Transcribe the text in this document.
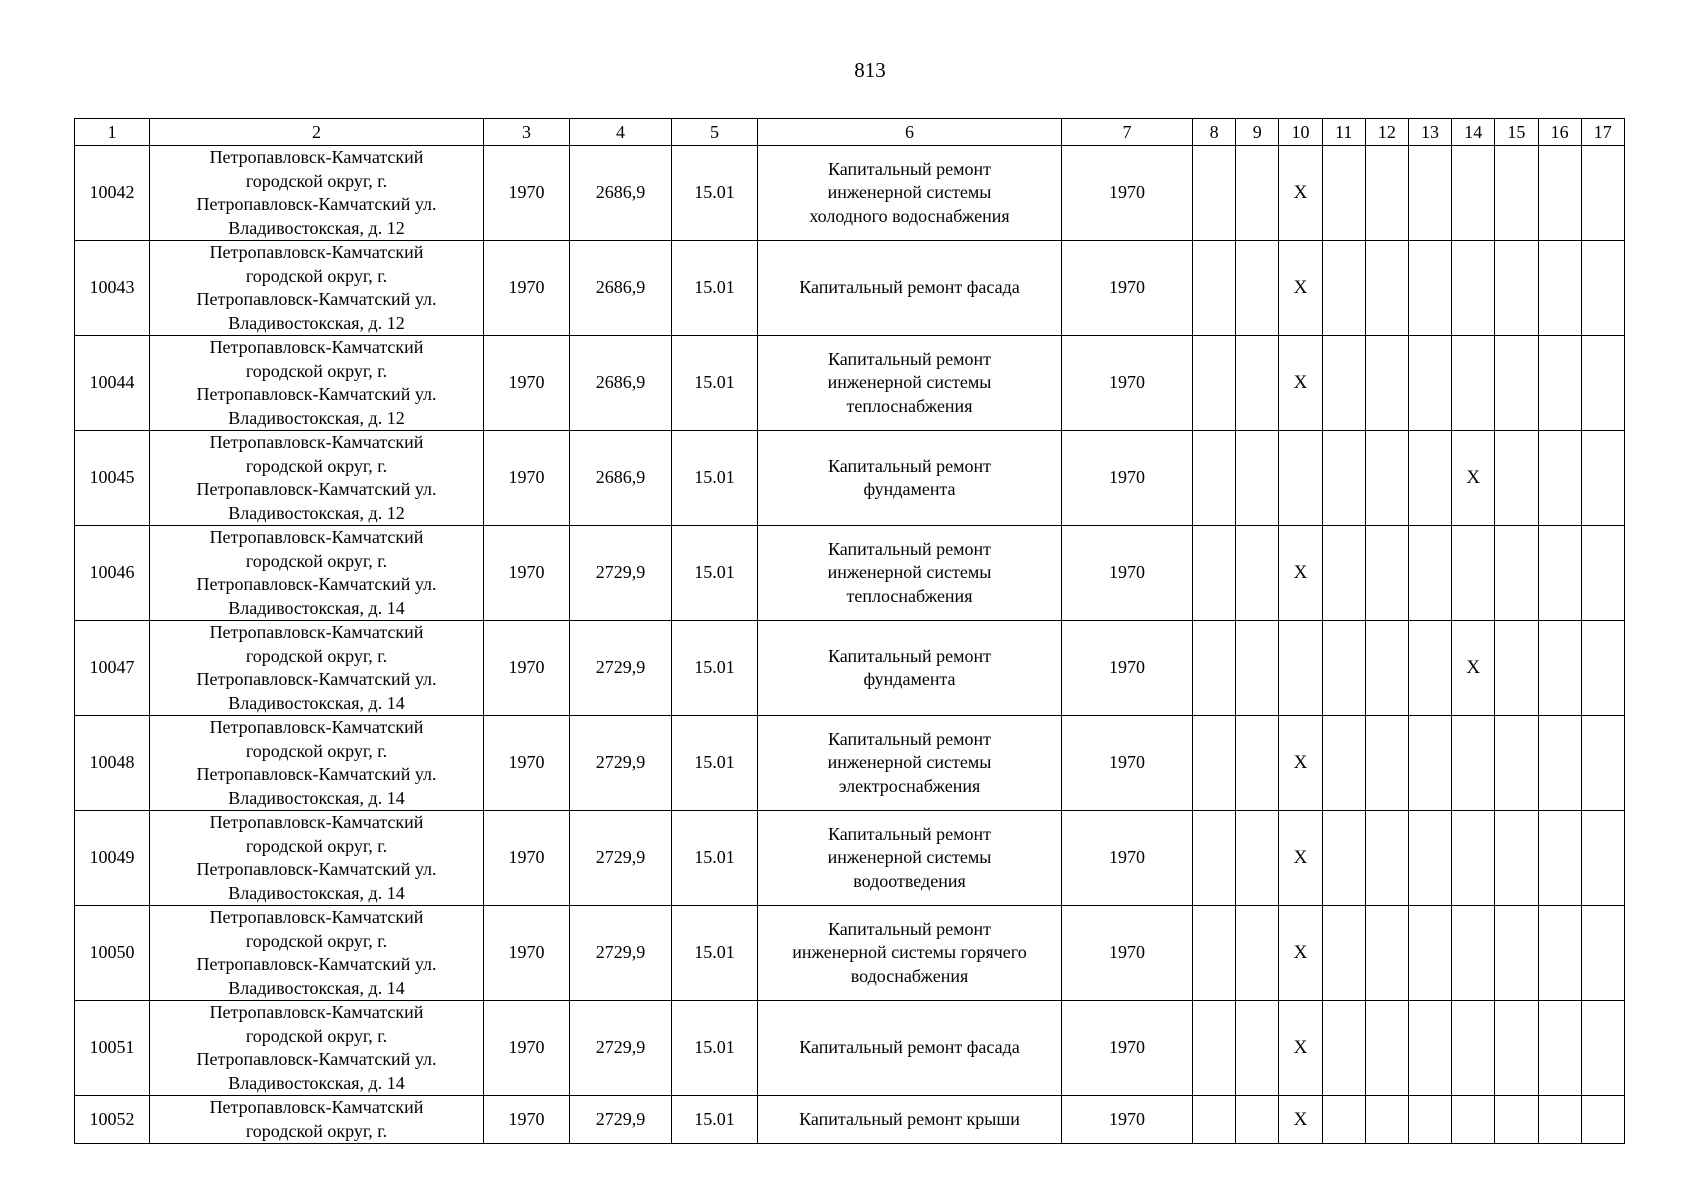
813
1	2	3	4	5	6	7	8	9	10	11	12	13	14	15	16	17
10042	Петропавловск-Камчатский
городской округ, г.
Петропавловск-Камчатский ул.
Владивостокская, д. 12	1970	2686,9	15.01	Капитальный ремонт
инженерной системы
холодного водоснабжения	1970			X							
10043	Петропавловск-Камчатский
городской округ, г.
Петропавловск-Камчатский ул.
Владивостокская, д. 12	1970	2686,9	15.01	Капитальный ремонт фасада	1970			X							
10044	Петропавловск-Камчатский
городской округ, г.
Петропавловск-Камчатский ул.
Владивостокская, д. 12	1970	2686,9	15.01	Капитальный ремонт
инженерной системы
теплоснабжения	1970			X							
10045	Петропавловск-Камчатский
городской округ, г.
Петропавловск-Камчатский ул.
Владивостокская, д. 12	1970	2686,9	15.01	Капитальный ремонт
фундамента	1970							X			
10046	Петропавловск-Камчатский
городской округ, г.
Петропавловск-Камчатский ул.
Владивостокская, д. 14	1970	2729,9	15.01	Капитальный ремонт
инженерной системы
теплоснабжения	1970			X							
10047	Петропавловск-Камчатский
городской округ, г.
Петропавловск-Камчатский ул.
Владивостокская, д. 14	1970	2729,9	15.01	Капитальный ремонт
фундамента	1970							X			
10048	Петропавловск-Камчатский
городской округ, г.
Петропавловск-Камчатский ул.
Владивостокская, д. 14	1970	2729,9	15.01	Капитальный ремонт
инженерной системы
электроснабжения	1970			X							
10049	Петропавловск-Камчатский
городской округ, г.
Петропавловск-Камчатский ул.
Владивостокская, д. 14	1970	2729,9	15.01	Капитальный ремонт
инженерной системы
водоотведения	1970			X							
10050	Петропавловск-Камчатский
городской округ, г.
Петропавловск-Камчатский ул.
Владивостокская, д. 14	1970	2729,9	15.01	Капитальный ремонт
инженерной системы горячего
водоснабжения	1970			X							
10051	Петропавловск-Камчатский
городской округ, г.
Петропавловск-Камчатский ул.
Владивостокская, д. 14	1970	2729,9	15.01	Капитальный ремонт фасада	1970			X							
10052	Петропавловск-Камчатский
городской округ, г.	1970	2729,9	15.01	Капитальный ремонт крыши	1970			X							
